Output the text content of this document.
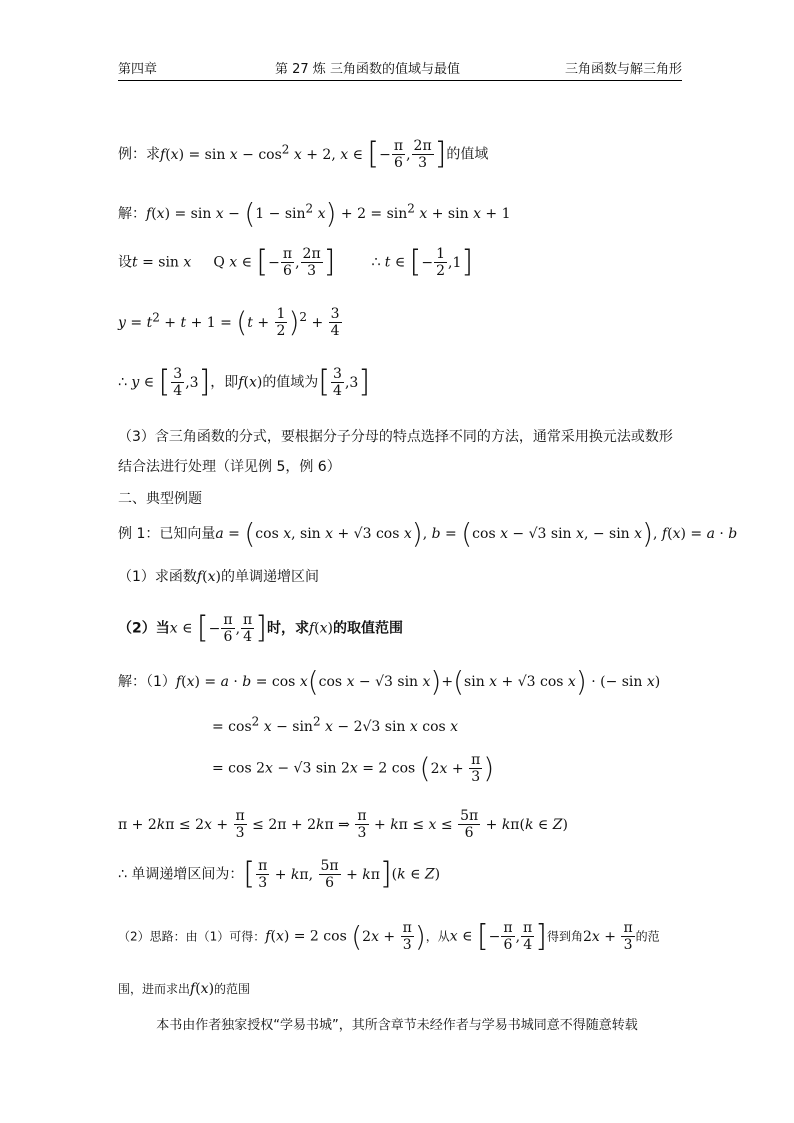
第四章	第 27 炼 三角函数的值域与最值	三角函数与解三角形
例：求$f(x) = \sin x - \cos^2 x + 2$, x ∈ [− $\frac{\pi}{6}$ , $\frac{2\pi}{3}$ ]的值域
解：$f(x) = \sin x - (1 - \sin^2 x) + 2 = \sin^2 x + \sin x + 1$
设t = sin x Q x ∈ [− $\frac{\pi}{6}$ , $\frac{2\pi}{3}$ ]	∴ t ∈ [− $\frac{1}{2} ,1$]
$y = t^2 + t + 1 = (t + \frac{1}{2} )^2 + \frac{3}{4}$
∴ y ∈ [ $\frac{3}{4} ,3$]，即f(x)的值域为[ $\frac{3}{4} ,3$]
（3）含三角函数的分式，要根据分子分母的特点选择不同的方法，通常采用换元法或数形
结合法进行处理（详见例 5，例 6）
二、典型例题
例 1：已知向量a = (cos x, sin x + √3 cos x), b = (cos x − √3 sin x, − sin x), f(x) = a · b
（1）求函数f(x)的单调递增区间
（2）当x ∈ [− $\frac{\pi}{6}$ , $\frac{\pi}{4}$ ]时，求f(x)的取值范围
解：（1）f(x) = a · b = cos x(cos x − √3 sin x)+(sin x + √3 cos x) · (− sin x)
= $\cos^2 x - \sin^2 x - 2√3$ sin x cos x
= cos 2x − √3 sin 2x = 2 $\cos (2x + \frac{\pi}{3}$ )
$\pi + 2k\pi \le 2x + \frac{\pi}{3} \le 2\pi + 2k\pi$ ⇒ $\frac{\pi}{3} + k\pi \le x \le \frac{5\pi}{6} + k\pi(k$ ∈ Z)
∴ 单调递增区间为：[ $\frac{\pi}{3} + k\pi$, $\frac{5\pi}{6} + k\pi](k$ ∈ Z)
（2）思路：由（1）可得：f(x) = 2 $\cos (2x + \frac{\pi}{3}$ )，从x ∈ [− $\frac{\pi}{6}$ , $\frac{\pi}{4}$ ]得到角$2x + \frac{\pi}{3}$ 的范
围，进而求出f(x)的范围
本书由作者独家授权“学易书城”，其所含章节未经作者与学易书城同意不得随意转载
